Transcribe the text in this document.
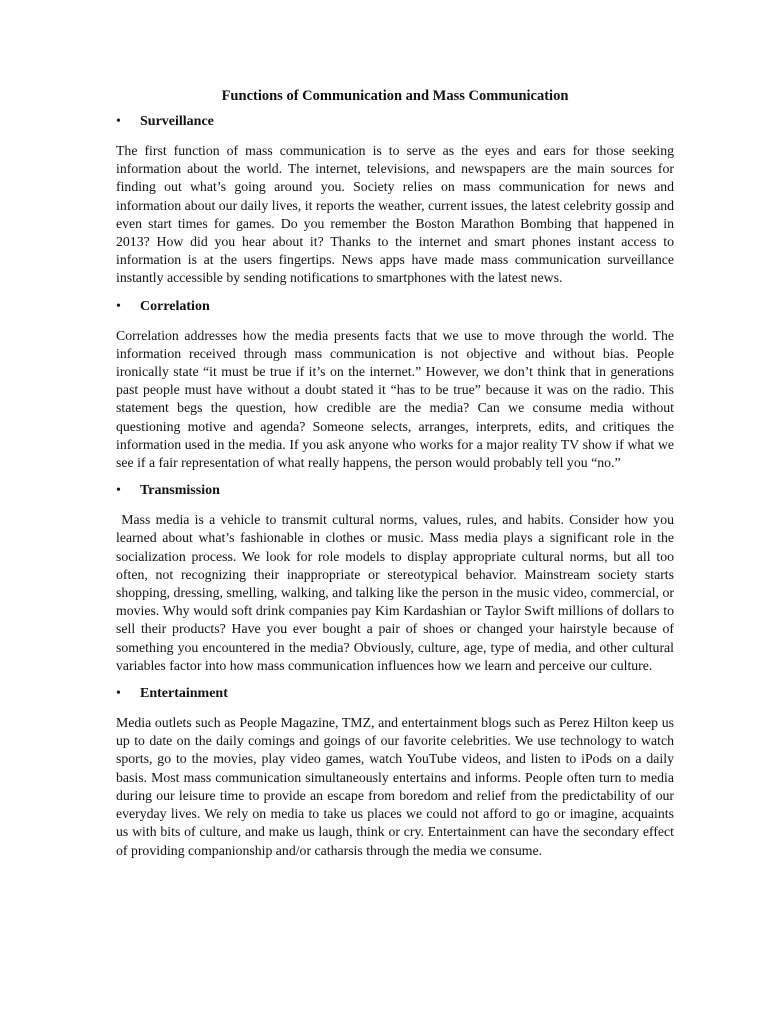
Functions of Communication and Mass Communication
•	Surveillance

The first function of mass communication is to serve as the eyes and ears for those seeking information about the world. The internet, televisions, and newspapers are the main sources for finding out what’s going around you. Society relies on mass communication for news and information about our daily lives, it reports the weather, current issues, the latest celebrity gossip and even start times for games. Do you remember the Boston Marathon Bombing that happened in 2013? How did you hear about it? Thanks to the internet and smart phones instant access to information is at the users fingertips. News apps have made mass communication surveillance instantly accessible by sending notifications to smartphones with the latest news.

•	Correlation

Correlation addresses how the media presents facts that we use to move through the world. The information received through mass communication is not objective and without bias. People ironically state “it must be true if it’s on the internet.” However, we don’t think that in generations past people must have without a doubt stated it “has to be true” because it was on the radio. This statement begs the question, how credible are the media? Can we consume media without questioning motive and agenda? Someone selects, arranges, interprets, edits, and critiques the information used in the media. If you ask anyone who works for a major reality TV show if what we see if a fair representation of what really happens, the person would probably tell you “no.”

•	Transmission

Mass media is a vehicle to transmit cultural norms, values, rules, and habits. Consider how you learned about what’s fashionable in clothes or music. Mass media plays a significant role in the socialization process. We look for role models to display appropriate cultural norms, but all too often, not recognizing their inappropriate or stereotypical behavior. Mainstream society starts shopping, dressing, smelling, walking, and talking like the person in the music video, commercial, or movies. Why would soft drink companies pay Kim Kardashian or Taylor Swift millions of dollars to sell their products? Have you ever bought a pair of shoes or changed your hairstyle because of something you encountered in the media? Obviously, culture, age, type of media, and other cultural variables factor into how mass communication influences how we learn and perceive our culture.

•	Entertainment

Media outlets such as People Magazine, TMZ, and entertainment blogs such as Perez Hilton keep us up to date on the daily comings and goings of our favorite celebrities. We use technology to watch sports, go to the movies, play video games, watch YouTube videos, and listen to iPods on a daily basis. Most mass communication simultaneously entertains and informs. People often turn to media during our leisure time to provide an escape from boredom and relief from the predictability of our everyday lives. We rely on media to take us places we could not afford to go or imagine, acquaints us with bits of culture, and make us laugh, think or cry. Entertainment can have the secondary effect of providing companionship and/or catharsis through the media we consume.
